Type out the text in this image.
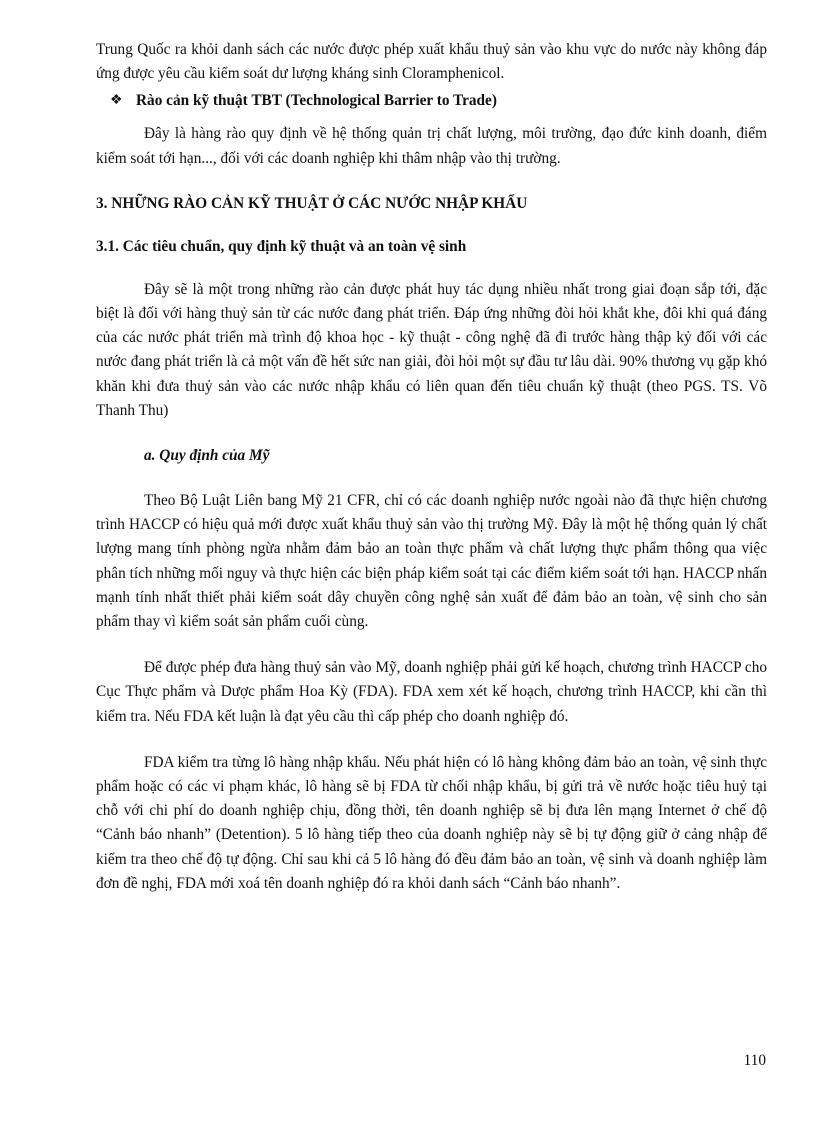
Trung Quốc ra khỏi danh sách các nước được phép xuất khẩu thuỷ sản vào khu vực do nước này không đáp ứng được yêu cầu kiểm soát dư lượng kháng sinh Cloramphenicol.

❖ Rào cản kỹ thuật TBT (Technological Barrier to Trade)

Đây là hàng rào quy định về hệ thống quản trị chất lượng, môi trường, đạo đức kinh doanh, điểm kiểm soát tới hạn..., đối với các doanh nghiệp khi thâm nhập vào thị trường.

3. NHỮNG RÀO CẢN KỸ THUẬT Ở CÁC NƯỚC NHẬP KHẨU
3.1. Các tiêu chuẩn, quy định kỹ thuật và an toàn vệ sinh

Đây sẽ là một trong những rào cản được phát huy tác dụng nhiều nhất trong giai đoạn sắp tới, đặc biệt là đối với hàng thuỷ sản từ các nước đang phát triển. Đáp ứng những đòi hỏi khắt khe, đôi khi quá đáng của các nước phát triển mà trình độ khoa học - kỹ thuật - công nghệ đã đi trước hàng thập kỷ đối với các nước đang phát triển là cả một vấn đề hết sức nan giải, đòi hỏi một sự đầu tư lâu dài. 90% thương vụ gặp khó khăn khi đưa thuỷ sản vào các nước nhập khẩu có liên quan đến tiêu chuẩn kỹ thuật (theo PGS. TS. Võ Thanh Thu)

a. Quy định của Mỹ

Theo Bộ Luật Liên bang Mỹ 21 CFR, chỉ có các doanh nghiệp nước ngoài nào đã thực hiện chương trình HACCP có hiệu quả mới được xuất khẩu thuỷ sản vào thị trường Mỹ. Đây là một hệ thống quản lý chất lượng mang tính phòng ngừa nhằm đảm bảo an toàn thực phẩm và chất lượng thực phẩm thông qua việc phân tích những mối nguy và thực hiện các biện pháp kiểm soát tại các điểm kiểm soát tới hạn. HACCP nhấn mạnh tính nhất thiết phải kiểm soát dây chuyền công nghệ sản xuất để đảm bảo an toàn, vệ sinh cho sản phẩm thay vì kiểm soát sản phẩm cuối cùng.

Để được phép đưa hàng thuỷ sản vào Mỹ, doanh nghiệp phải gửi kế hoạch, chương trình HACCP cho Cục Thực phẩm và Dược phẩm Hoa Kỳ (FDA). FDA xem xét kế hoạch, chương trình HACCP, khi cần thì kiểm tra. Nếu FDA kết luận là đạt yêu cầu thì cấp phép cho doanh nghiệp đó.

FDA kiểm tra từng lô hàng nhập khẩu. Nếu phát hiện có lô hàng không đảm bảo an toàn, vệ sinh thực phẩm hoặc có các vi phạm khác, lô hàng sẽ bị FDA từ chối nhập khẩu, bị gửi trả về nước hoặc tiêu huỷ tại chỗ với chi phí do doanh nghiệp chịu, đồng thời, tên doanh nghiệp sẽ bị đưa lên mạng Internet ở chế độ “Cảnh báo nhanh” (Detention). 5 lô hàng tiếp theo của doanh nghiệp này sẽ bị tự động giữ ở cảng nhập để kiểm tra theo chế độ tự động. Chỉ sau khi cả 5 lô hàng đó đều đảm bảo an toàn, vệ sinh và doanh nghiệp làm đơn đề nghị, FDA mới xoá tên doanh nghiệp đó ra khỏi danh sách “Cảnh báo nhanh”.

110
